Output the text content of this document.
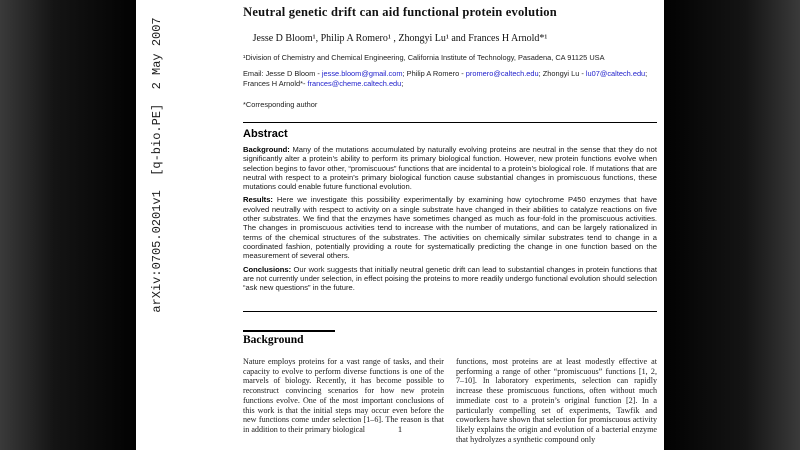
arXiv:0705.0201v1  [q-bio.PE]  2 May 2007
Neutral genetic drift can aid functional protein evolution
Jesse D Bloom¹, Philip A Romero¹ , Zhongyi Lu¹ and Frances H Arnold*¹
¹Division of Chemistry and Chemical Engineering, California Institute of Technology, Pasadena, CA 91125 USA
Email: Jesse D Bloom - jesse.bloom@gmail.com; Philip A Romero - promero@caltech.edu; Zhongyi Lu - lu07@caltech.edu; Frances H Arnold*- frances@cheme.caltech.edu;
*Corresponding author
Abstract

Background: Many of the mutations accumulated by naturally evolving proteins are neutral in the sense that they do not significantly alter a protein’s ability to perform its primary biological function. However, new protein functions evolve when selection begins to favor other, “promiscuous” functions that are incidental to a protein’s biological role. If mutations that are neutral with respect to a protein’s primary biological function cause substantial changes in promiscuous functions, these mutations could enable future functional evolution.

Results: Here we investigate this possibility experimentally by examining how cytochrome P450 enzymes that have evolved neutrally with respect to activity on a single substrate have changed in their abilities to catalyze reactions on five other substrates. We find that the enzymes have sometimes changed as much as four-fold in the promiscuous activities. The changes in promiscuous activities tend to increase with the number of mutations, and can be largely rationalized in terms of the chemical structures of the substrates. The activities on chemically similar substrates tend to change in a coordinated fashion, potentially providing a route for systematically predicting the change in one function based on the measurement of several others.

Conclusions: Our work suggests that initially neutral genetic drift can lead to substantial changes in protein functions that are not currently under selection, in effect poising the proteins to more readily undergo functional evolution should selection “ask new questions” in the future.

Background
Nature employs proteins for a vast range of tasks, and their capacity to evolve to perform diverse functions is one of the marvels of biology. Recently, it has become possible to reconstruct convincing scenarios for how new protein functions evolve. One of the most important conclusions of this work is that the initial steps may occur even before the new functions come under selection [1–6]. The reason is that in addition to their primary biological
functions, most proteins are at least modestly effective at performing a range of other “promiscuous” functions [1, 2, 7–10]. In laboratory experiments, selection can rapidly increase these promiscuous functions, often without much immediate cost to a protein’s original function [2]. In a particularly compelling set of experiments, Tawfik and coworkers have shown that selection for promiscuous activity likely explains the origin and evolution of a bacterial enzyme that hydrolyzes a synthetic compound only
1
